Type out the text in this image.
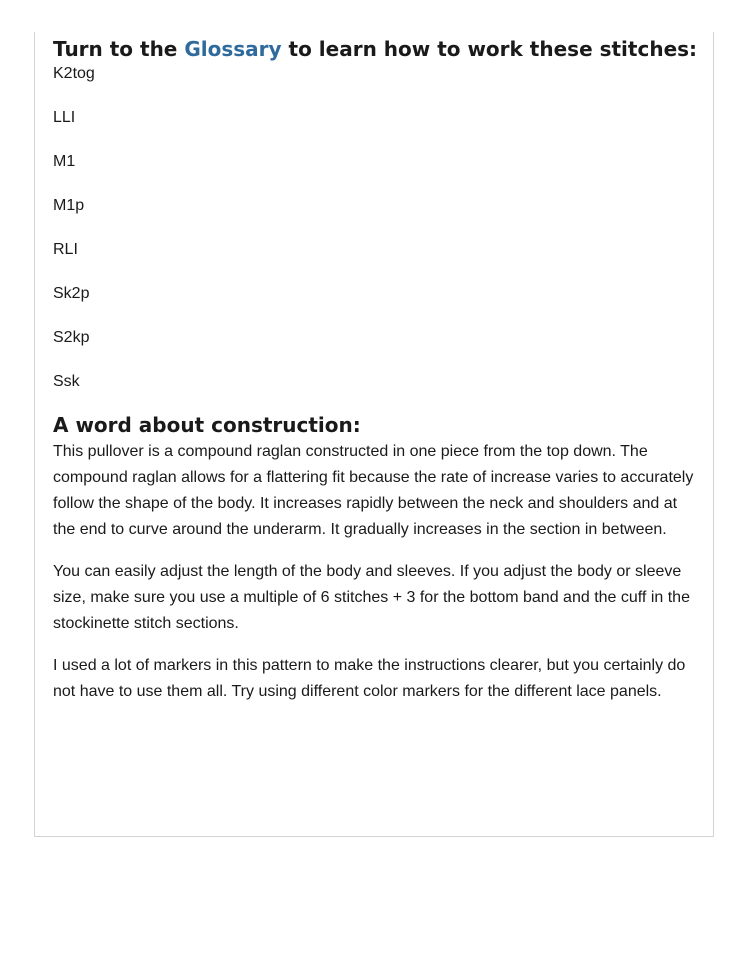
Turn to the Glossary to learn how to work these stitches:
K2tog
LLI
M1
M1p
RLI
Sk2p
S2kp
Ssk
A word about construction:

This pullover is a compound raglan constructed in one piece from the top down. The compound raglan allows for a flattering fit because the rate of increase varies to accurately follow the shape of the body. It increases rapidly between the neck and shoulders and at the end to curve around the underarm. It gradually increases in the section in between.

You can easily adjust the length of the body and sleeves. If you adjust the body or sleeve size, make sure you use a multiple of 6 stitches + 3 for the bottom band and the cuff in the stockinette stitch sections.

I used a lot of markers in this pattern to make the instructions clearer, but you certainly do not have to use them all. Try using different color markers for the different lace panels.
